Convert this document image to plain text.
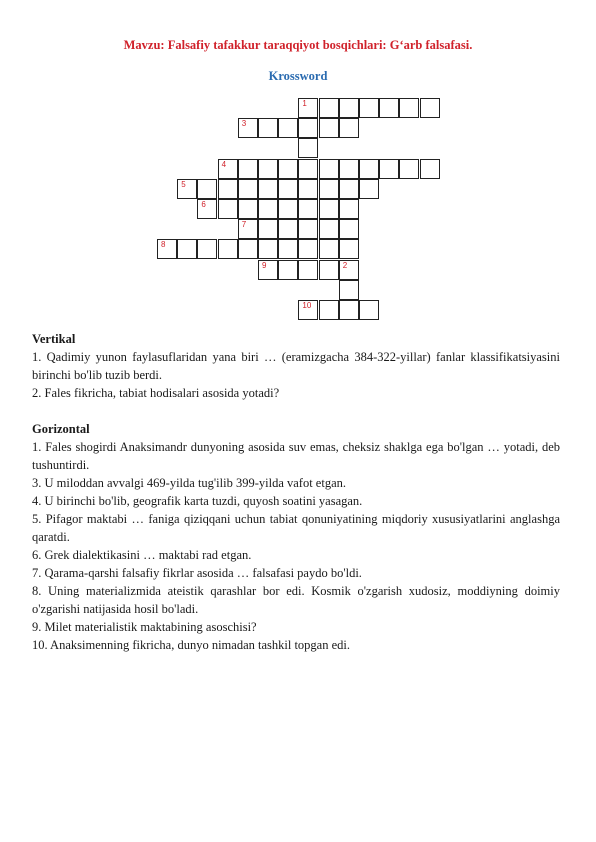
Mavzu: Falsafiy tafakkur taraqqiyot bosqichlari: G‘arb falsafasi.
Krossword
1
3
4
5
6
7
8
9	2
10

Vertikal

1. Qadimiy yunon faylasuflaridan yana biri … (eramizgacha 384-322-yillar) fanlar klassifikatsiyasini birinchi bo'lib tuzib berdi.

2. Fales fikricha, tabiat hodisalari asosida yotadi?

Gorizontal

1. Fales shogirdi Anaksimandr dunyoning asosida suv emas, cheksiz shaklga ega bo'lgan … yotadi, deb tushuntirdi.

3. U miloddan avvalgi 469-yilda tug'ilib 399-yilda vafot etgan.

4. U birinchi bo'lib, geografik karta tuzdi, quyosh soatini yasagan.

5. Pifagor maktabi … faniga qiziqqani uchun tabiat qonuniyatining miqdoriy xususiyatlarini anglashga qaratdi.

6. Grek dialektikasini … maktabi rad etgan.

7. Qarama-qarshi falsafiy fikrlar asosida … falsafasi paydo bo'ldi.

8. Uning materializmida ateistik qarashlar bor edi. Kosmik o'zgarish xudosiz, moddiyning doimiy o'zgarishi natijasida hosil bo'ladi.

9. Milet materialistik maktabining asoschisi?

10. Anaksimenning fikricha, dunyo nimadan tashkil topgan edi.
